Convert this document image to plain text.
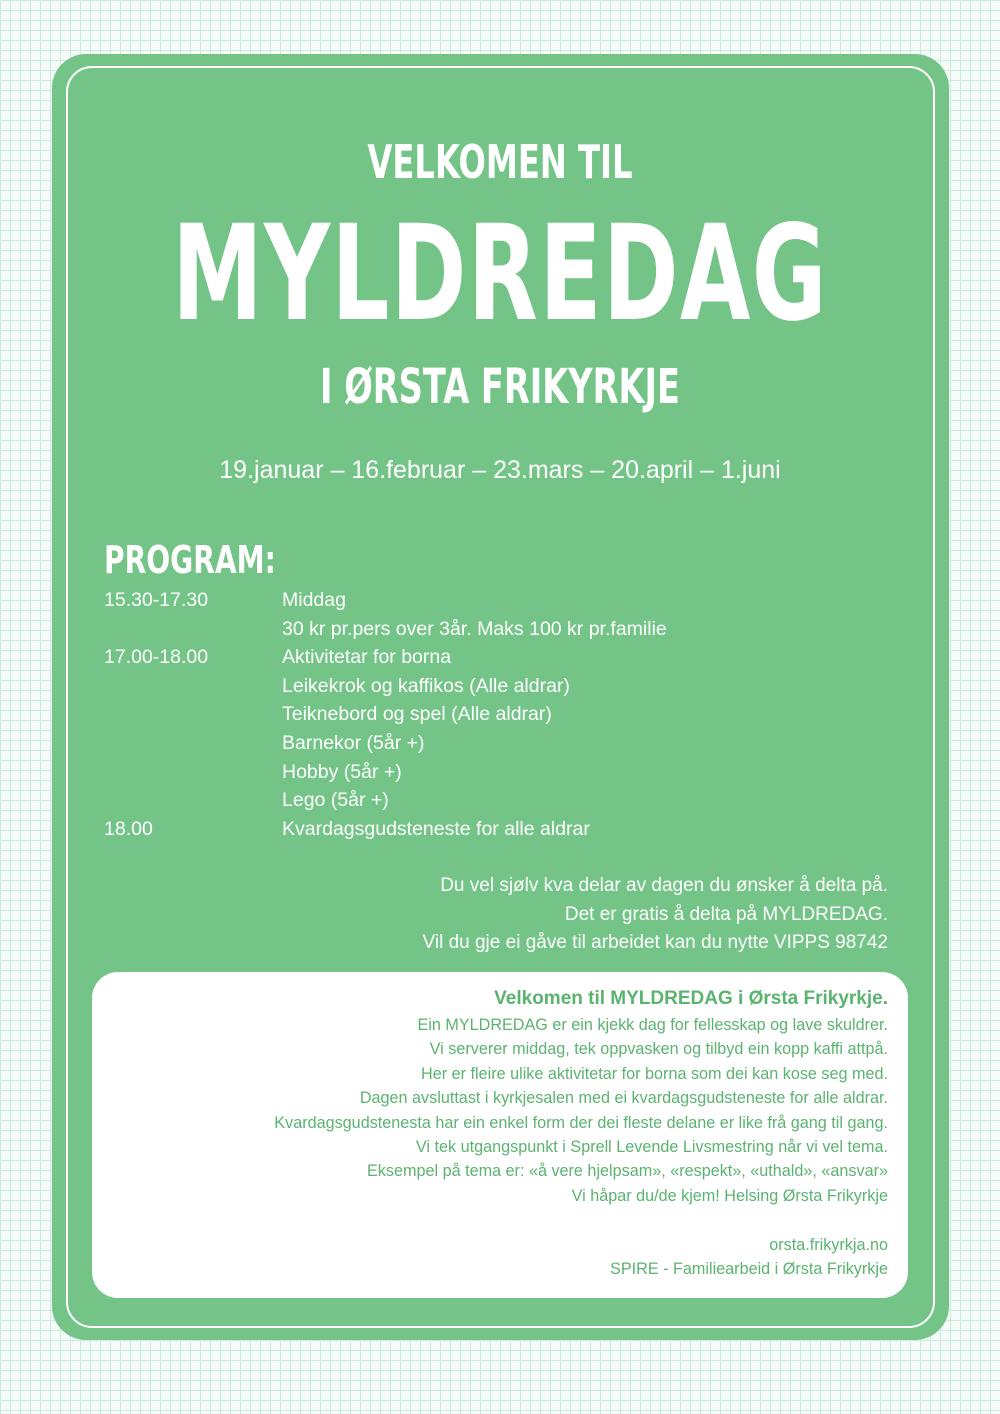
VELKOMEN TIL
MYLDREDAG
I ØRSTA FRIKYRKJE
19.januar – 16.februar – 23.mars – 20.april – 1.juni
PROGRAM:
15.30-17.30	Middag
30 kr pr.pers over 3år. Maks 100 kr pr.familie
17.00-18.00	Aktivitetar for borna
Leikekrok og kaffikos (Alle aldrar)
Teiknebord og spel (Alle aldrar)
Barnekor (5år +)
Hobby (5år +)
Lego (5år +)
18.00	Kvardagsgudsteneste for alle aldrar
Du vel sjølv kva delar av dagen du ønsker å delta på.
Det er gratis å delta på MYLDREDAG.
Vil du gje ei gåve til arbeidet kan du nytte VIPPS 98742
Velkomen til MYLDREDAG i Ørsta Frikyrkje.
Ein MYLDREDAG er ein kjekk dag for fellesskap og lave skuldrer.
Vi serverer middag, tek oppvasken og tilbyd ein kopp kaffi attpå.
Her er fleire ulike aktivitetar for borna som dei kan kose seg med.
Dagen avsluttast i kyrkjesalen med ei kvardagsgudsteneste for alle aldrar.
Kvardagsgudstenesta har ein enkel form der dei fleste delane er like frå gang til gang.
Vi tek utgangspunkt i Sprell Levende Livsmestring når vi vel tema.
Eksempel på tema er: «å vere hjelpsam», «respekt», «uthald», «ansvar»
Vi håpar du/de kjem! Helsing Ørsta Frikyrkje
orsta.frikyrkja.no
SPIRE - Familiearbeid i Ørsta Frikyrkje
